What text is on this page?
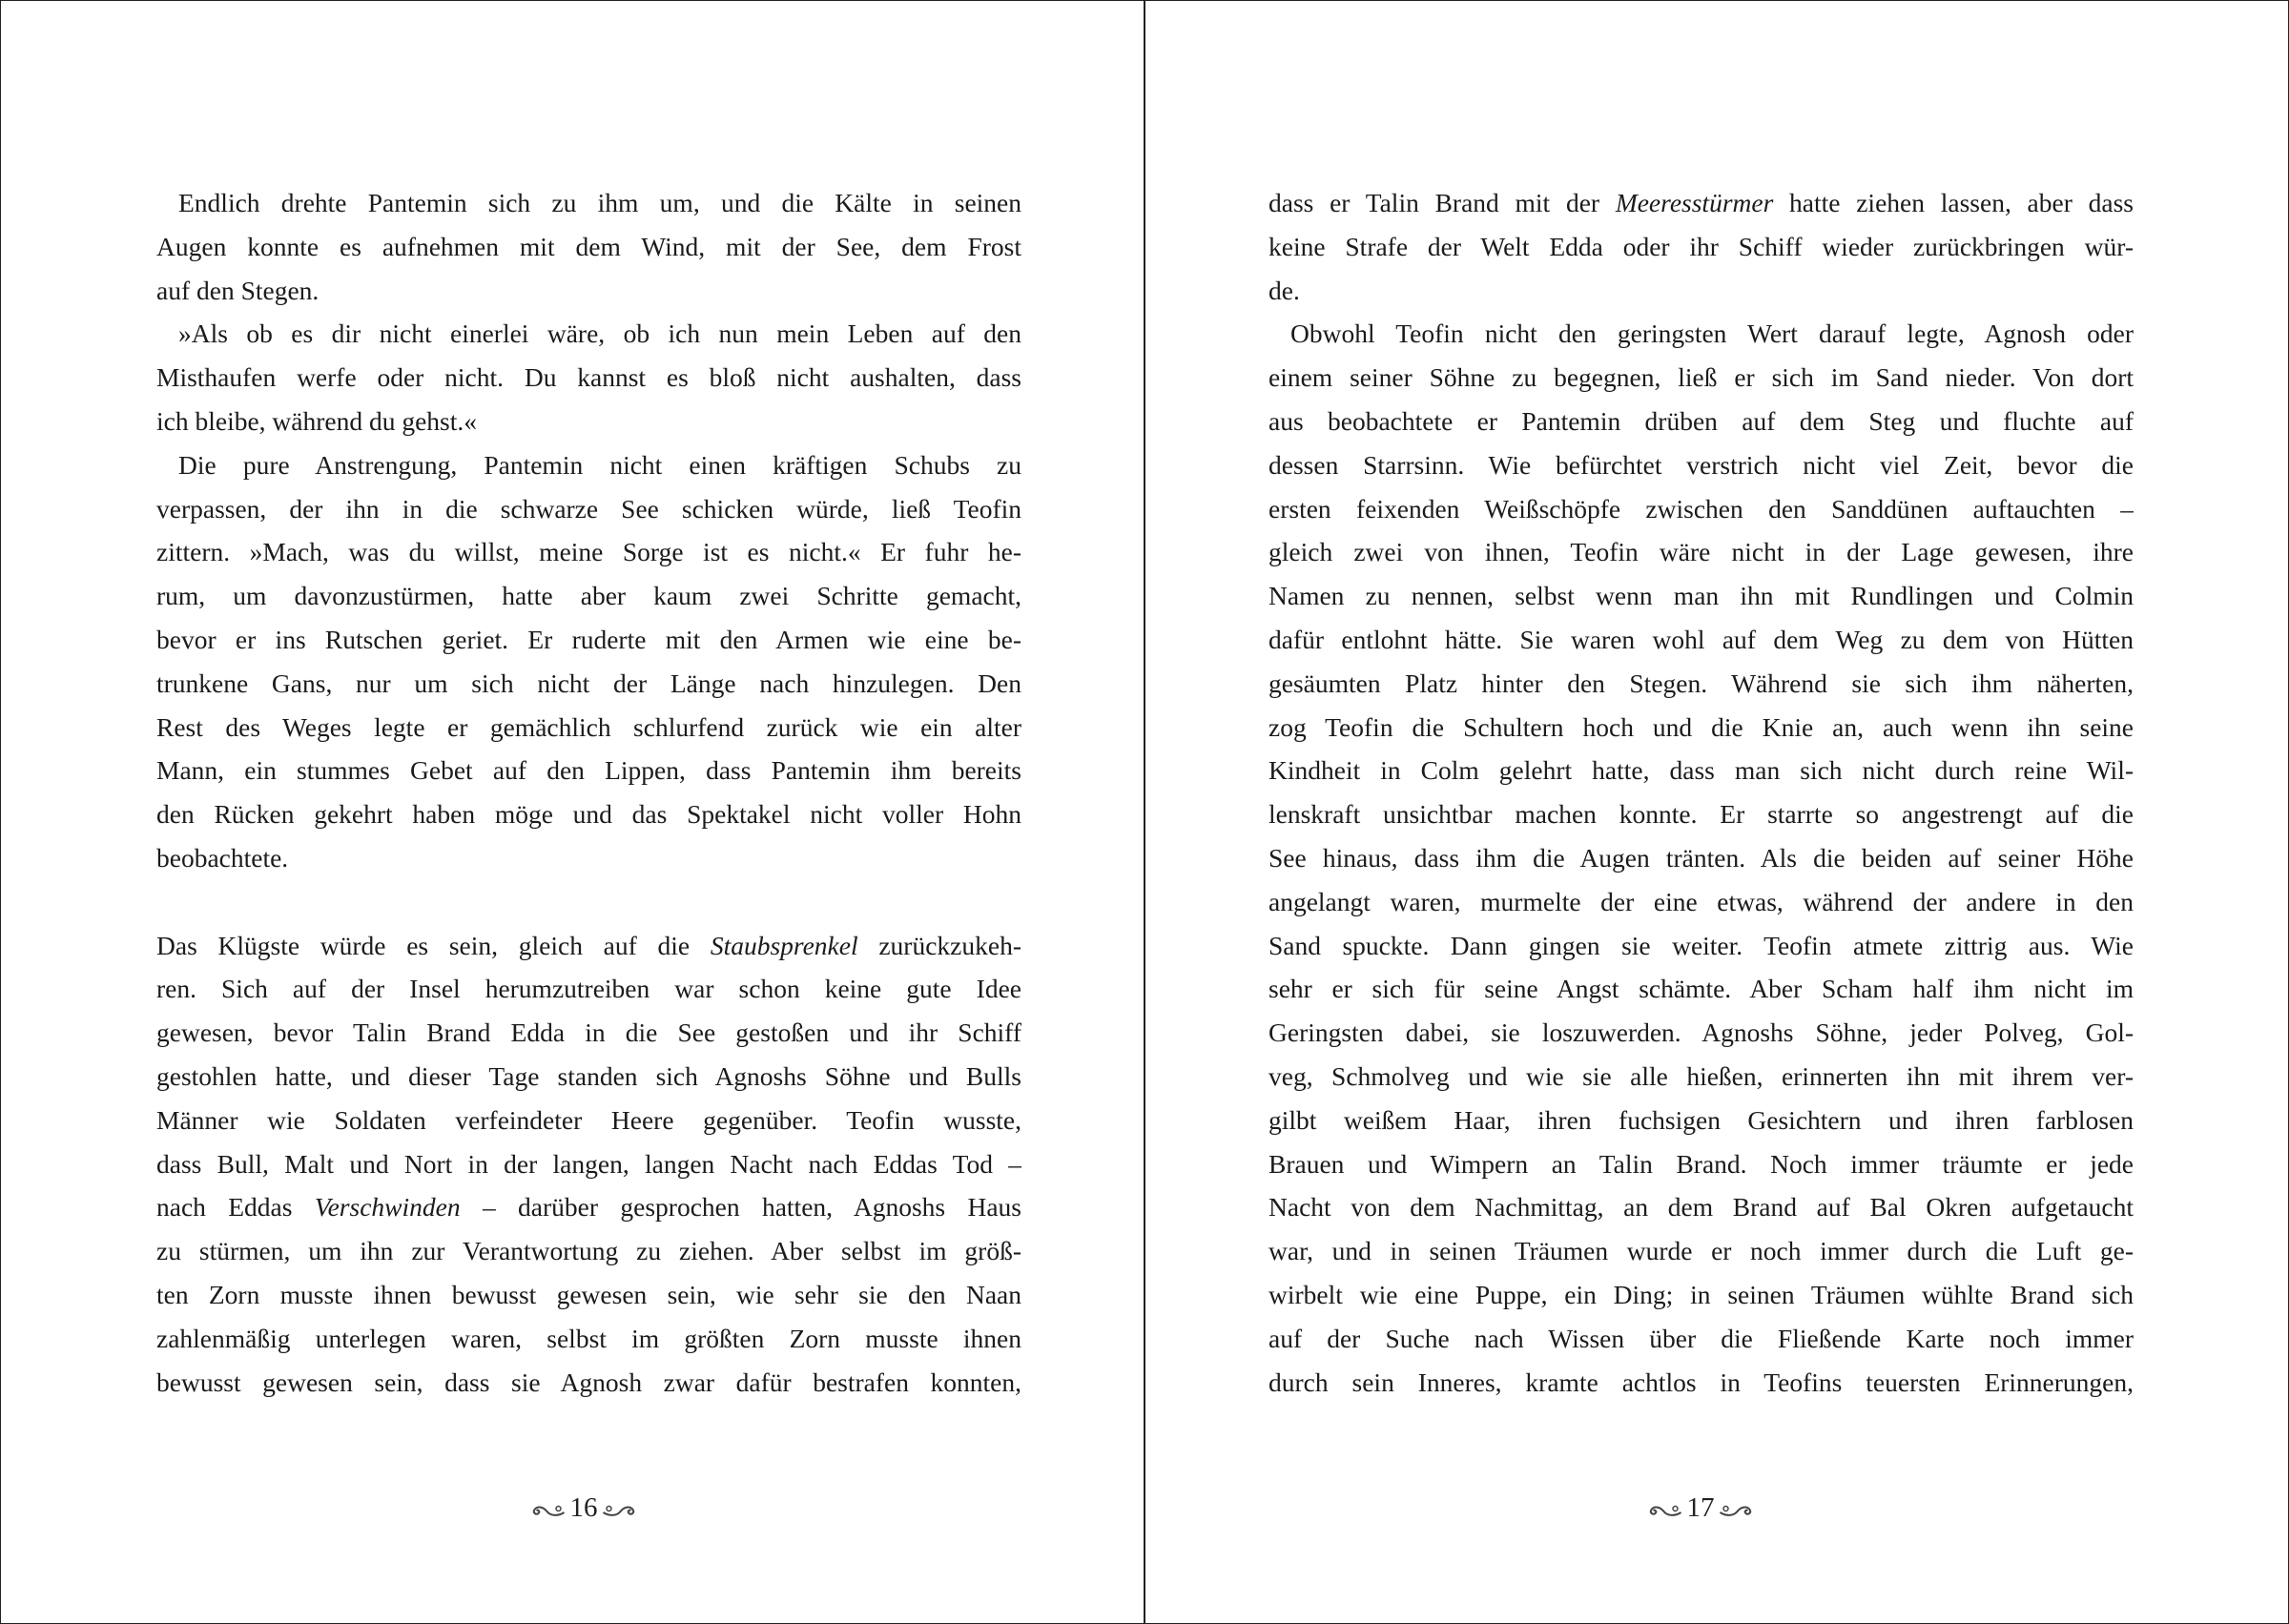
Endlich drehte Pantemin sich zu ihm um, und die Kälte in seinen
Augen konnte es aufnehmen mit dem Wind, mit der See, dem Frost
auf den Stegen.
»Als ob es dir nicht einerlei wäre, ob ich nun mein Leben auf den
Misthaufen werfe oder nicht. Du kannst es bloß nicht aushalten, dass
ich bleibe, während du gehst.«
Die pure Anstrengung, Pantemin nicht einen kräftigen Schubs zu
verpassen, der ihn in die schwarze See schicken würde, ließ Teofin
zittern. »Mach, was du willst, meine Sorge ist es nicht.« Er fuhr he-
rum, um davonzustürmen, hatte aber kaum zwei Schritte gemacht,
bevor er ins Rutschen geriet. Er ruderte mit den Armen wie eine be-
trunkene Gans, nur um sich nicht der Länge nach hinzulegen. Den
Rest des Weges legte er gemächlich schlurfend zurück wie ein alter
Mann, ein stummes Gebet auf den Lippen, dass Pantemin ihm bereits
den Rücken gekehrt haben möge und das Spektakel nicht voller Hohn
beobachtete.

Das Klügste würde es sein, gleich auf die Staubsprenkel zurückzukeh-
ren. Sich auf der Insel herumzutreiben war schon keine gute Idee
gewesen, bevor Talin Brand Edda in die See gestoßen und ihr Schiff
gestohlen hatte, und dieser Tage standen sich Agnoshs Söhne und Bulls
Männer wie Soldaten verfeindeter Heere gegenüber. Teofin wusste,
dass Bull, Malt und Nort in der langen, langen Nacht nach Eddas Tod –
nach Eddas Verschwinden – darüber gesprochen hatten, Agnoshs Haus
zu stürmen, um ihn zur Verantwortung zu ziehen. Aber selbst im größ-
ten Zorn musste ihnen bewusst gewesen sein, wie sehr sie den Naan
zahlenmäßig unterlegen waren, selbst im größten Zorn musste ihnen
bewusst gewesen sein, dass sie Agnosh zwar dafür bestrafen konnten,
dass er Talin Brand mit der Meeresstürmer hatte ziehen lassen, aber dass
keine Strafe der Welt Edda oder ihr Schiff wieder zurückbringen wür-
de.
Obwohl Teofin nicht den geringsten Wert darauf legte, Agnosh oder
einem seiner Söhne zu begegnen, ließ er sich im Sand nieder. Von dort
aus beobachtete er Pantemin drüben auf dem Steg und fluchte auf
dessen Starrsinn. Wie befürchtet verstrich nicht viel Zeit, bevor die
ersten feixenden Weißschöpfe zwischen den Sanddünen auftauchten –
gleich zwei von ihnen, Teofin wäre nicht in der Lage gewesen, ihre
Namen zu nennen, selbst wenn man ihn mit Rundlingen und Colmin
dafür entlohnt hätte. Sie waren wohl auf dem Weg zu dem von Hütten
gesäumten Platz hinter den Stegen. Während sie sich ihm näherten,
zog Teofin die Schultern hoch und die Knie an, auch wenn ihn seine
Kindheit in Colm gelehrt hatte, dass man sich nicht durch reine Wil-
lenskraft unsichtbar machen konnte. Er starrte so angestrengt auf die
See hinaus, dass ihm die Augen tränten. Als die beiden auf seiner Höhe
angelangt waren, murmelte der eine etwas, während der andere in den
Sand spuckte. Dann gingen sie weiter. Teofin atmete zittrig aus. Wie
sehr er sich für seine Angst schämte. Aber Scham half ihm nicht im
Geringsten dabei, sie loszuwerden. Agnoshs Söhne, jeder Polveg, Gol-
veg, Schmolveg und wie sie alle hießen, erinnerten ihn mit ihrem ver-
gilbt weißem Haar, ihren fuchsigen Gesichtern und ihren farblosen
Brauen und Wimpern an Talin Brand. Noch immer träumte er jede
Nacht von dem Nachmittag, an dem Brand auf Bal Okren aufgetaucht
war, und in seinen Träumen wurde er noch immer durch die Luft ge-
wirbelt wie eine Puppe, ein Ding; in seinen Träumen wühlte Brand sich
auf der Suche nach Wissen über die Fließende Karte noch immer
durch sein Inneres, kramte achtlos in Teofins teuersten Erinnerungen,
16	17
